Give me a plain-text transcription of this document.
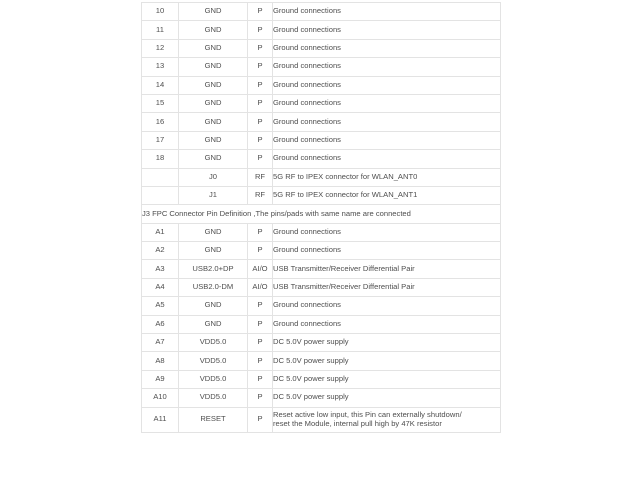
10	GND	P	Ground connections
11	GND	P	Ground connections
12	GND	P	Ground connections
13	GND	P	Ground connections
14	GND	P	Ground connections
15	GND	P	Ground connections
16	GND	P	Ground connections
17	GND	P	Ground connections
18	GND	P	Ground connections
	J0	RF	5G RF to IPEX connector for WLAN_ANT0
	J1	RF	5G RF to IPEX connector for WLAN_ANT1
J3 FPC Connector Pin Definition ,The pins/pads with same name are connected			
A1	GND	P	Ground connections
A2	GND	P	Ground connections
A3	USB2.0+DP	AI/O	USB Transmitter/Receiver Differential Pair
A4	USB2.0-DM	AI/O	USB Transmitter/Receiver Differential Pair
A5	GND	P	Ground connections
A6	GND	P	Ground connections
A7	VDD5.0	P	DC 5.0V power supply
A8	VDD5.0	P	DC 5.0V power supply
A9	VDD5.0	P	DC 5.0V power supply
A10	VDD5.0	P	DC 5.0V power supply
A11	RESET	P	Reset active low input, this Pin can externally shutdown/
reset the Module, internal pull high by 47K resistor
